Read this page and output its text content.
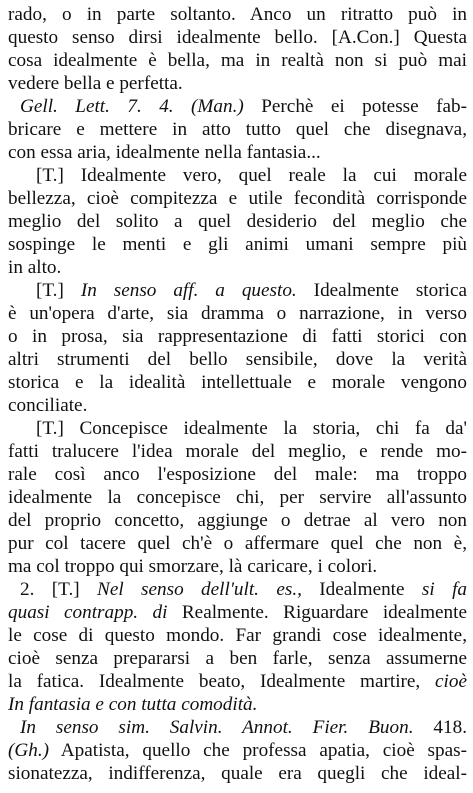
rado, o in parte soltanto. Anco un ritratto può in
questo senso dirsi idealmente bello. [A.Con.] Questa
cosa idealmente è bella, ma in realtà non si può mai
vedere bella e perfetta.
Gell. Lett. 7. 4. (Man.) Perchè ei potesse fab-
bricare e mettere in atto tutto quel che disegnava,
con essa aria, idealmente nella fantasia...
[T.] Idealmente vero, quel reale la cui morale
bellezza, cioè compitezza e utile fecondità corrisponde
meglio del solito a quel desiderio del meglio che
sospinge le menti e gli animi umani sempre più
in alto.
[T.] In senso aff. a questo. Idealmente storica
è un'opera d'arte, sia dramma o narrazione, in verso
o in prosa, sia rappresentazione di fatti storici con
altri strumenti del bello sensibile, dove la verità
storica e la idealità intellettuale e morale vengono
conciliate.
[T.] Concepisce idealmente la storia, chi fa da'
fatti tralucere l'idea morale del meglio, e rende mo-
rale così anco l'esposizione del male: ma troppo
idealmente la concepisce chi, per servire all'assunto
del proprio concetto, aggiunge o detrae al vero non
pur col tacere quel ch'è o affermare quel che non è,
ma col troppo qui smorzare, là caricare, i colori.
2. [T.] Nel senso dell'ult. es., Idealmente si fa
quasi contrapp. di Realmente. Riguardare idealmente
le cose di questo mondo. Far grandi cose idealmente,
cioè senza prepararsi a ben farle, senza assumerne
la fatica. Idealmente beato, Idealmente martire, cioè
In fantasia e con tutta comodità.
In senso sim. Salvin. Annot. Fier. Buon. 418.
(Gh.) Apatista, quello che professa apatia, cioè spas-
sionatezza, indifferenza, quale era quegli che ideal-
